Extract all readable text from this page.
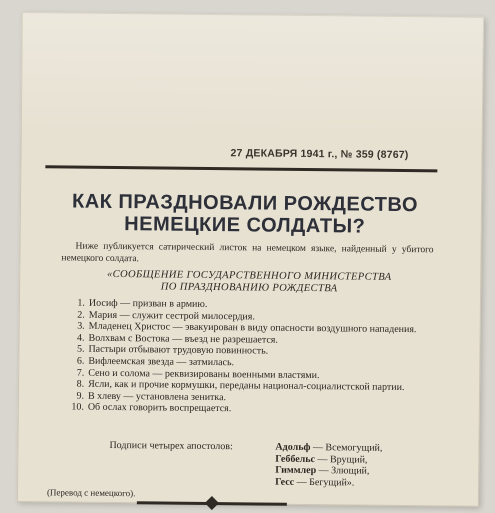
27 ДЕКАБРЯ 1941 г., № 359 (8767)
КАК ПРАЗДНОВАЛИ РОЖДЕСТВО
НЕМЕЦКИЕ СОЛДАТЫ?
Ниже публикуется сатирический листок на немецком языке, найденный у убитого немецкого солдата.
«СООБЩЕНИЕ ГОСУДАРСТВЕННОГО МИНИСТЕРСТВА
ПО ПРАЗДНОВАНИЮ РОЖДЕСТВА
1. Иосиф — призван в армию.
2. Мария — служит сестрой милосердия.
3. Младенец Христос — эвакуирован в виду опасности воздушного нападения.
4. Волхвам с Востока — въезд не разрешается.
5. Пастыри отбывают трудовую повинность.
6. Вифлеемская звезда — затмилась.
7. Сено и солома — реквизированы военными властями.
8. Ясли, как и прочие кормушки, переданы национал-социалистской партии.
9. В хлеву — установлена зенитка.
10. Об ослах говорить воспрещается.
Подписи четырех апостолов:	Адольф — Всемогущий,
Геббельс — Врущий,
Гиммлер — Злющий,
Гесс — Бегущий».
(Перевод с немецкого).
